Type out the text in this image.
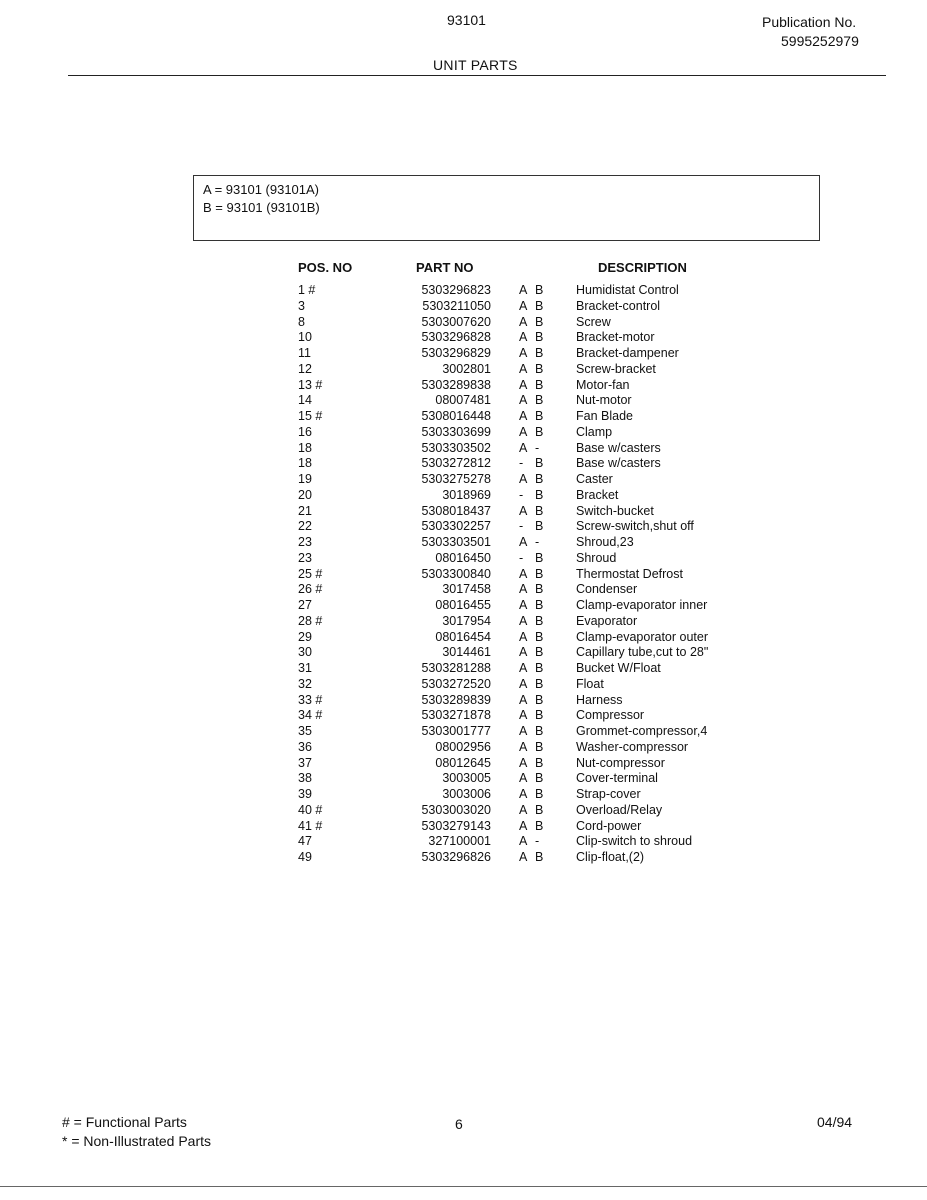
93101	Publication No.
5995252979
UNIT PARTS
A = 93101 (93101A)
B = 93101 (93101B)
POS. NO	PART NO	DESCRIPTION
1 #	5303296823 A B	Humidistat Control
3	5303211050 A B	Bracket-control
8	5303007620 A B	Screw
10	5303296828 A B	Bracket-motor
11	5303296829 A B	Bracket-dampener
12	3002801 A B	Screw-bracket
13 #	5303289838 A B	Motor-fan
14	08007481 A B	Nut-motor
15 #	5308016448 A B	Fan Blade
16	5303303699 A B	Clamp
18	5303303502 A -	Base w/casters
18	5303272812 - B	Base w/casters
19	5303275278 A B	Caster
20	3018969 - B	Bracket
21	5308018437 A B	Switch-bucket
22	5303302257 - B	Screw-switch,shut off
23	5303303501 A -	Shroud,23
23	08016450 - B	Shroud
25 #	5303300840 A B	Thermostat Defrost
26 #	3017458 A B	Condenser
27	08016455 A B	Clamp-evaporator inner
28 #	3017954 A B	Evaporator
29	08016454 A B	Clamp-evaporator outer
30	3014461 A B	Capillary tube,cut to 28"
31	5303281288 A B	Bucket W/Float
32	5303272520 A B	Float
33 #	5303289839 A B	Harness
34 #	5303271878 A B	Compressor
35	5303001777 A B	Grommet-compressor,4
36	08002956 A B	Washer-compressor
37	08012645 A B	Nut-compressor
38	3003005 A B	Cover-terminal
39	3003006 A B	Strap-cover
40 #	5303003020 A B	Overload/Relay
41 #	5303279143 A B	Cord-power
47	327100001 A -	Clip-switch to shroud
49	5303296826 A B	Clip-float,(2)
# = Functional Parts
* = Non-Illustrated Parts
6	04/94
